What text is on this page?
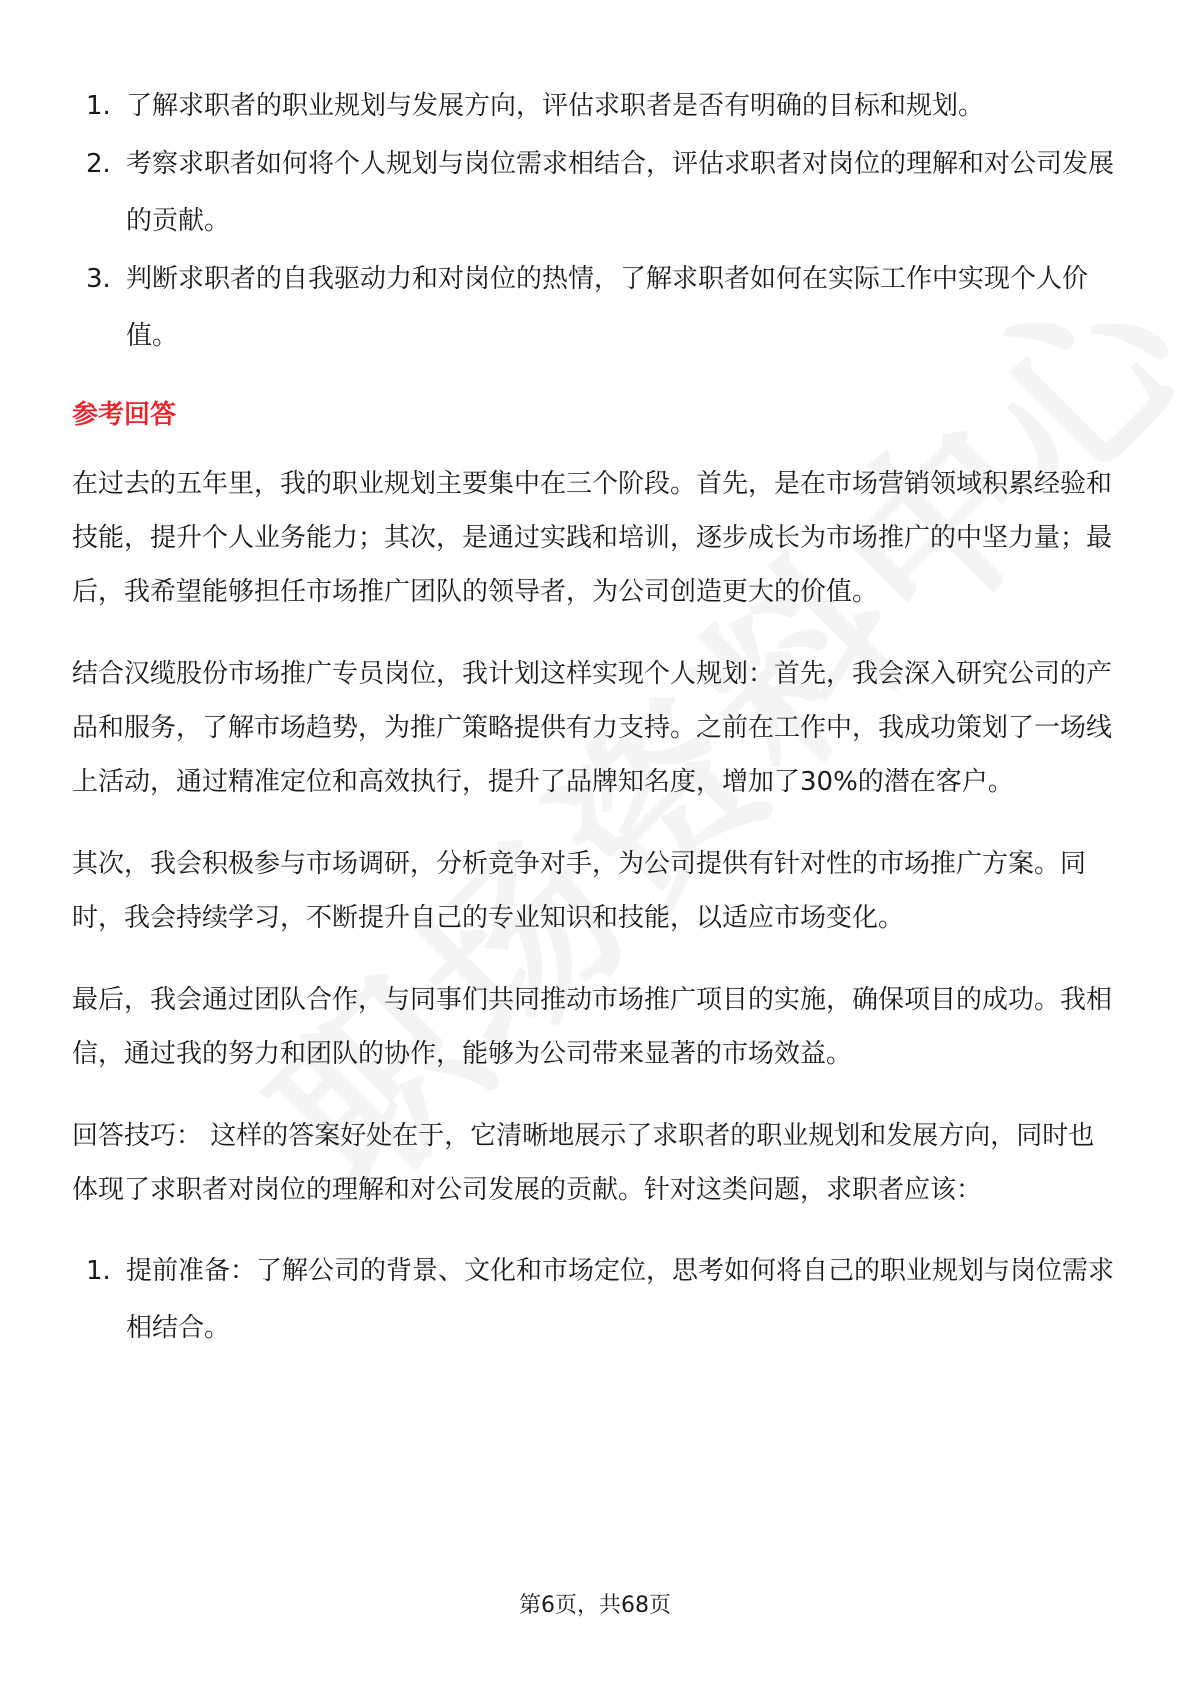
1. 了解求职者的职业规划与发展方向，评估求职者是否有明确的目标和规划。
2. 考察求职者如何将个人规划与岗位需求相结合，评估求职者对岗位的理解和对公司发展的贡献。
3. 判断求职者的自我驱动力和对岗位的热情，了解求职者如何在实际工作中实现个人价值。
参考回答

在过去的五年里，我的职业规划主要集中在三个阶段。首先，是在市场营销领域积累经验和技能，提升个人业务能力；其次，是通过实践和培训，逐步成长为市场推广的中坚力量；最后，我希望能够担任市场推广团队的领导者，为公司创造更大的价值。

结合汉缆股份市场推广专员岗位，我计划这样实现个人规划：首先，我会深入研究公司的产品和服务，了解市场趋势，为推广策略提供有力支持。之前在工作中，我成功策划了一场线上活动，通过精准定位和高效执行，提升了品牌知名度，增加了30%的潜在客户。

其次，我会积极参与市场调研，分析竞争对手，为公司提供有针对性的市场推广方案。同时，我会持续学习，不断提升自己的专业知识和技能，以适应市场变化。

最后，我会通过团队合作，与同事们共同推动市场推广项目的实施，确保项目的成功。我相信，通过我的努力和团队的协作，能够为公司带来显著的市场效益。

回答技巧： 这样的答案好处在于，它清晰地展示了求职者的职业规划和发展方向，同时也体现了求职者对岗位的理解和对公司发展的贡献。针对这类问题，求职者应该：

1. 提前准备：了解公司的背景、文化和市场定位，思考如何将自己的职业规划与岗位需求相结合。
第6页，共68页
